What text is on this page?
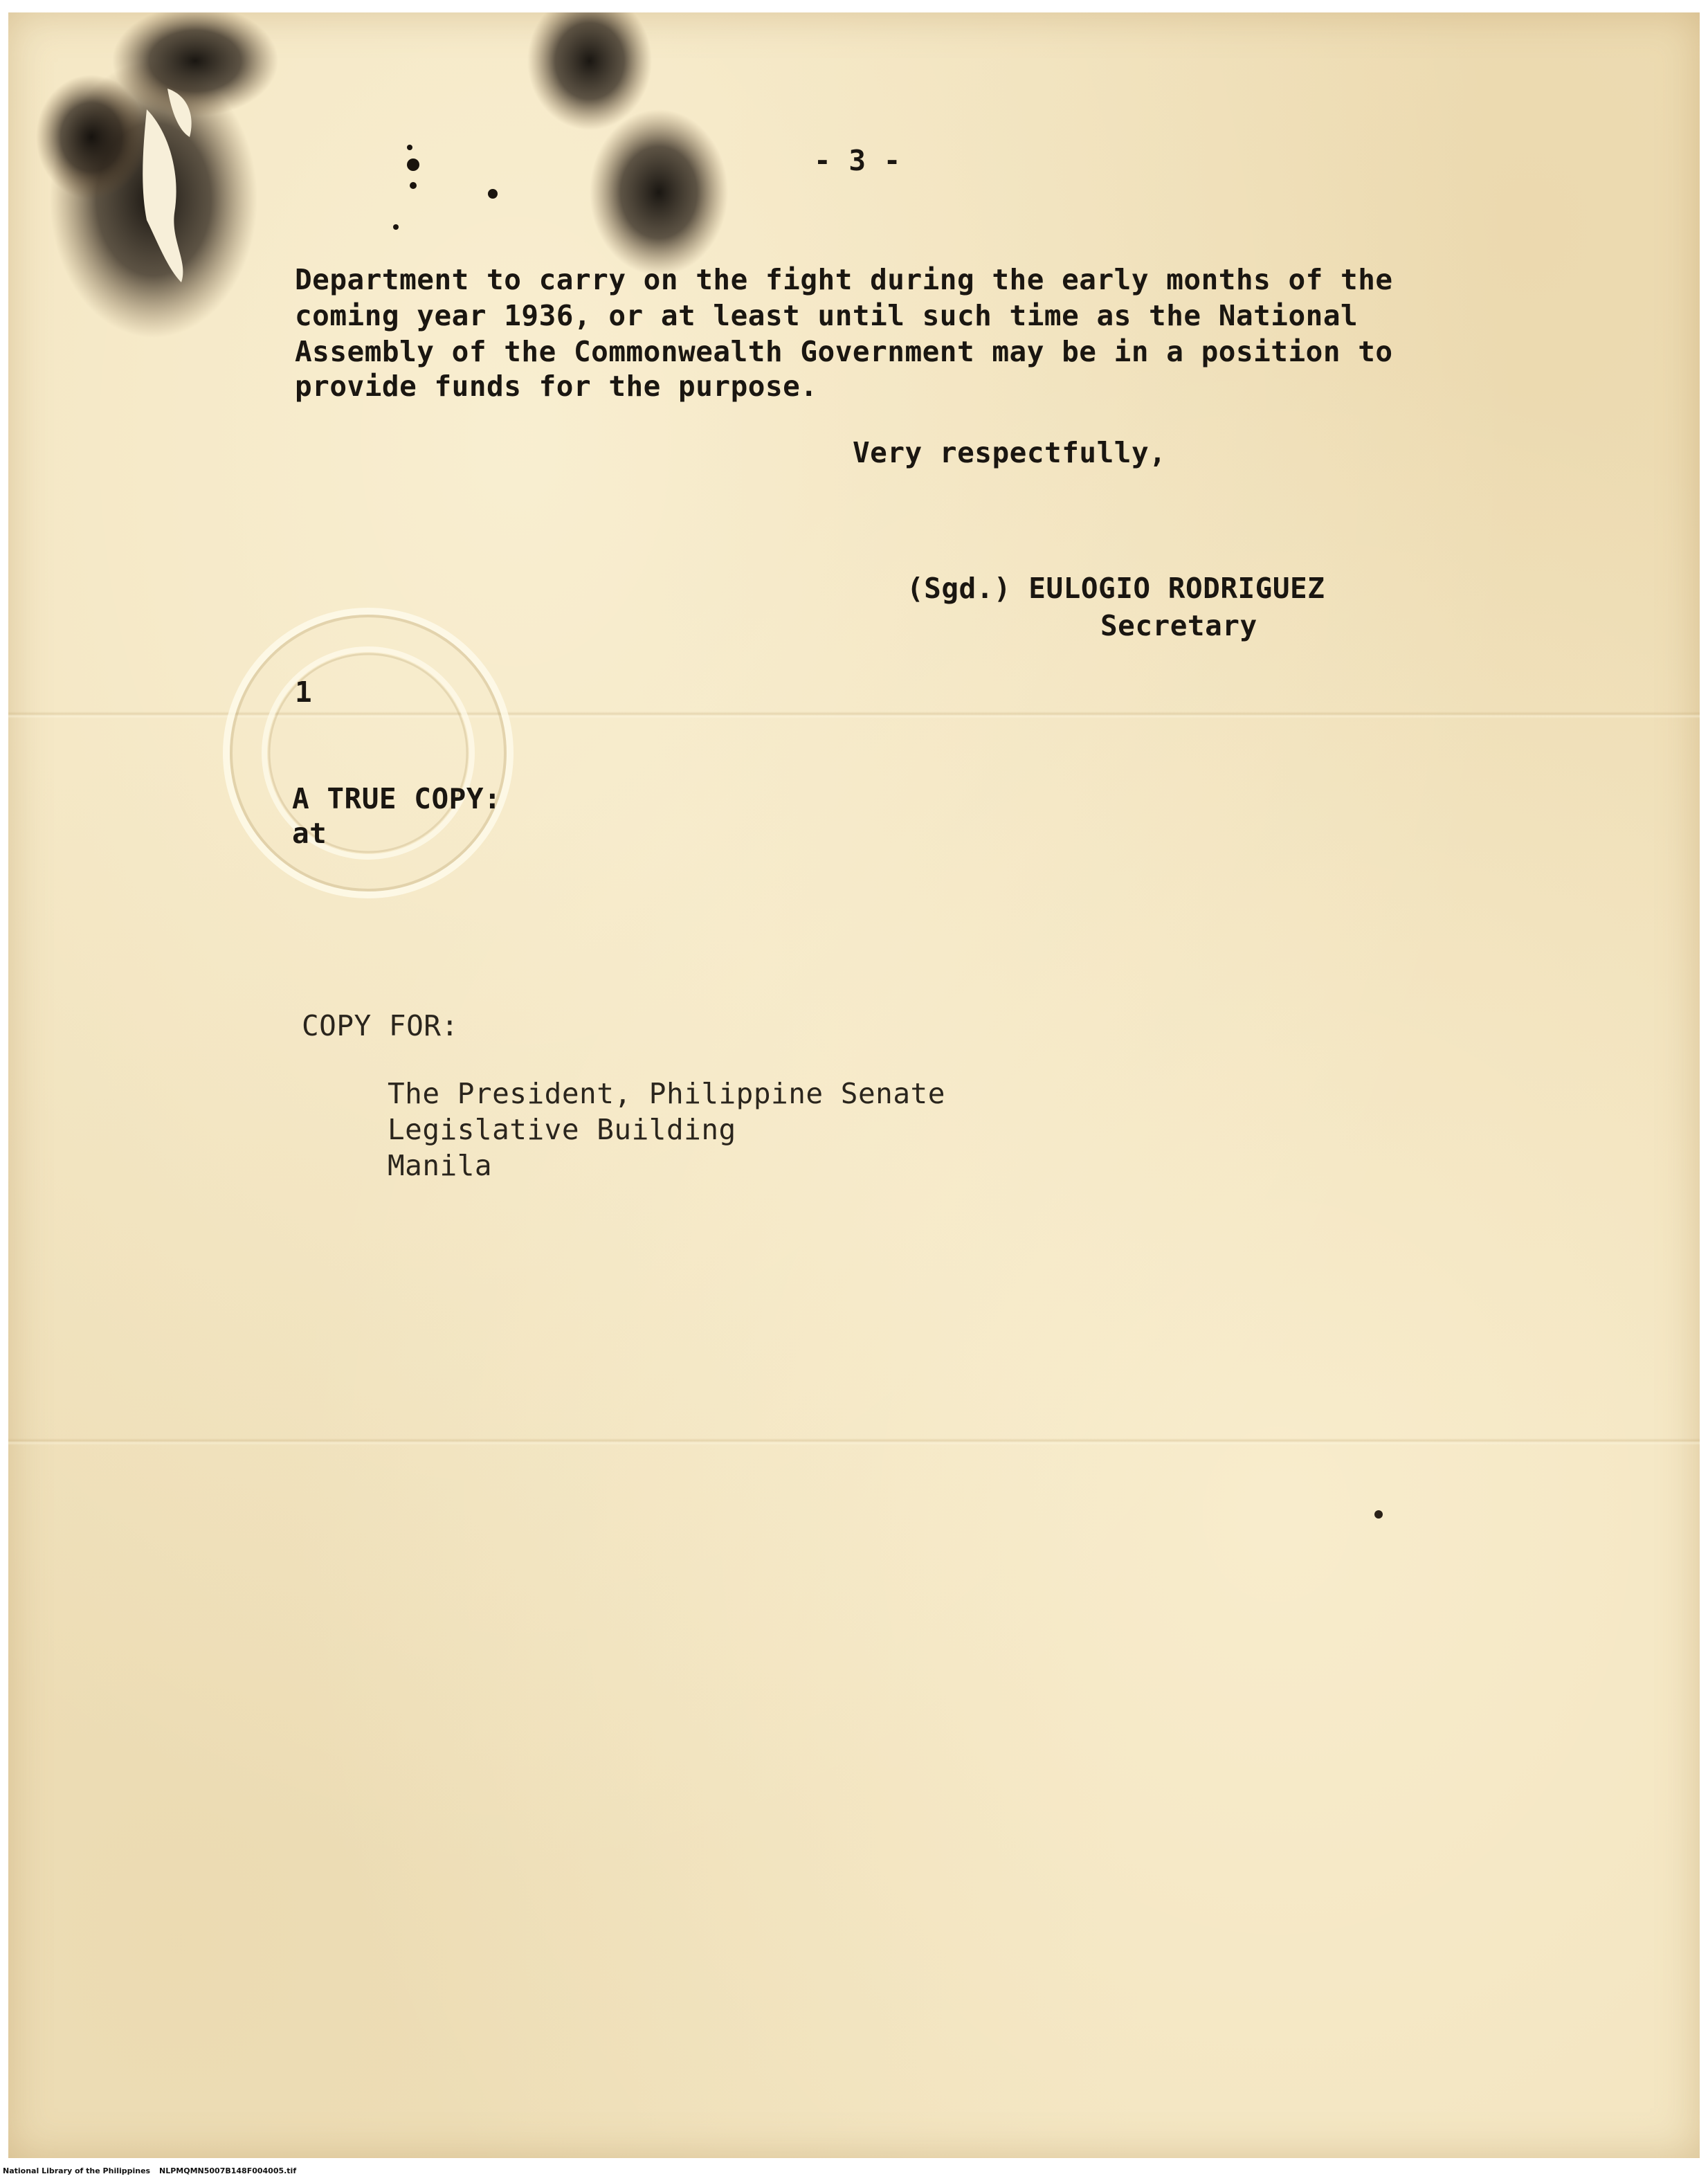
- 3 -
Department to carry on the fight during the early months of the
coming year 1936, or at least until such time as the National
Assembly of the Commonwealth Government may be in a position to
provide funds for the purpose.
Very respectfully,
(Sgd.) EULOGIO RODRIGUEZ
Secretary
1
A TRUE COPY:
at
COPY FOR:
The President, Philippine Senate
Legislative Building
Manila
National Library of the Philippines NLPMQMN5007B148F004005.tif
